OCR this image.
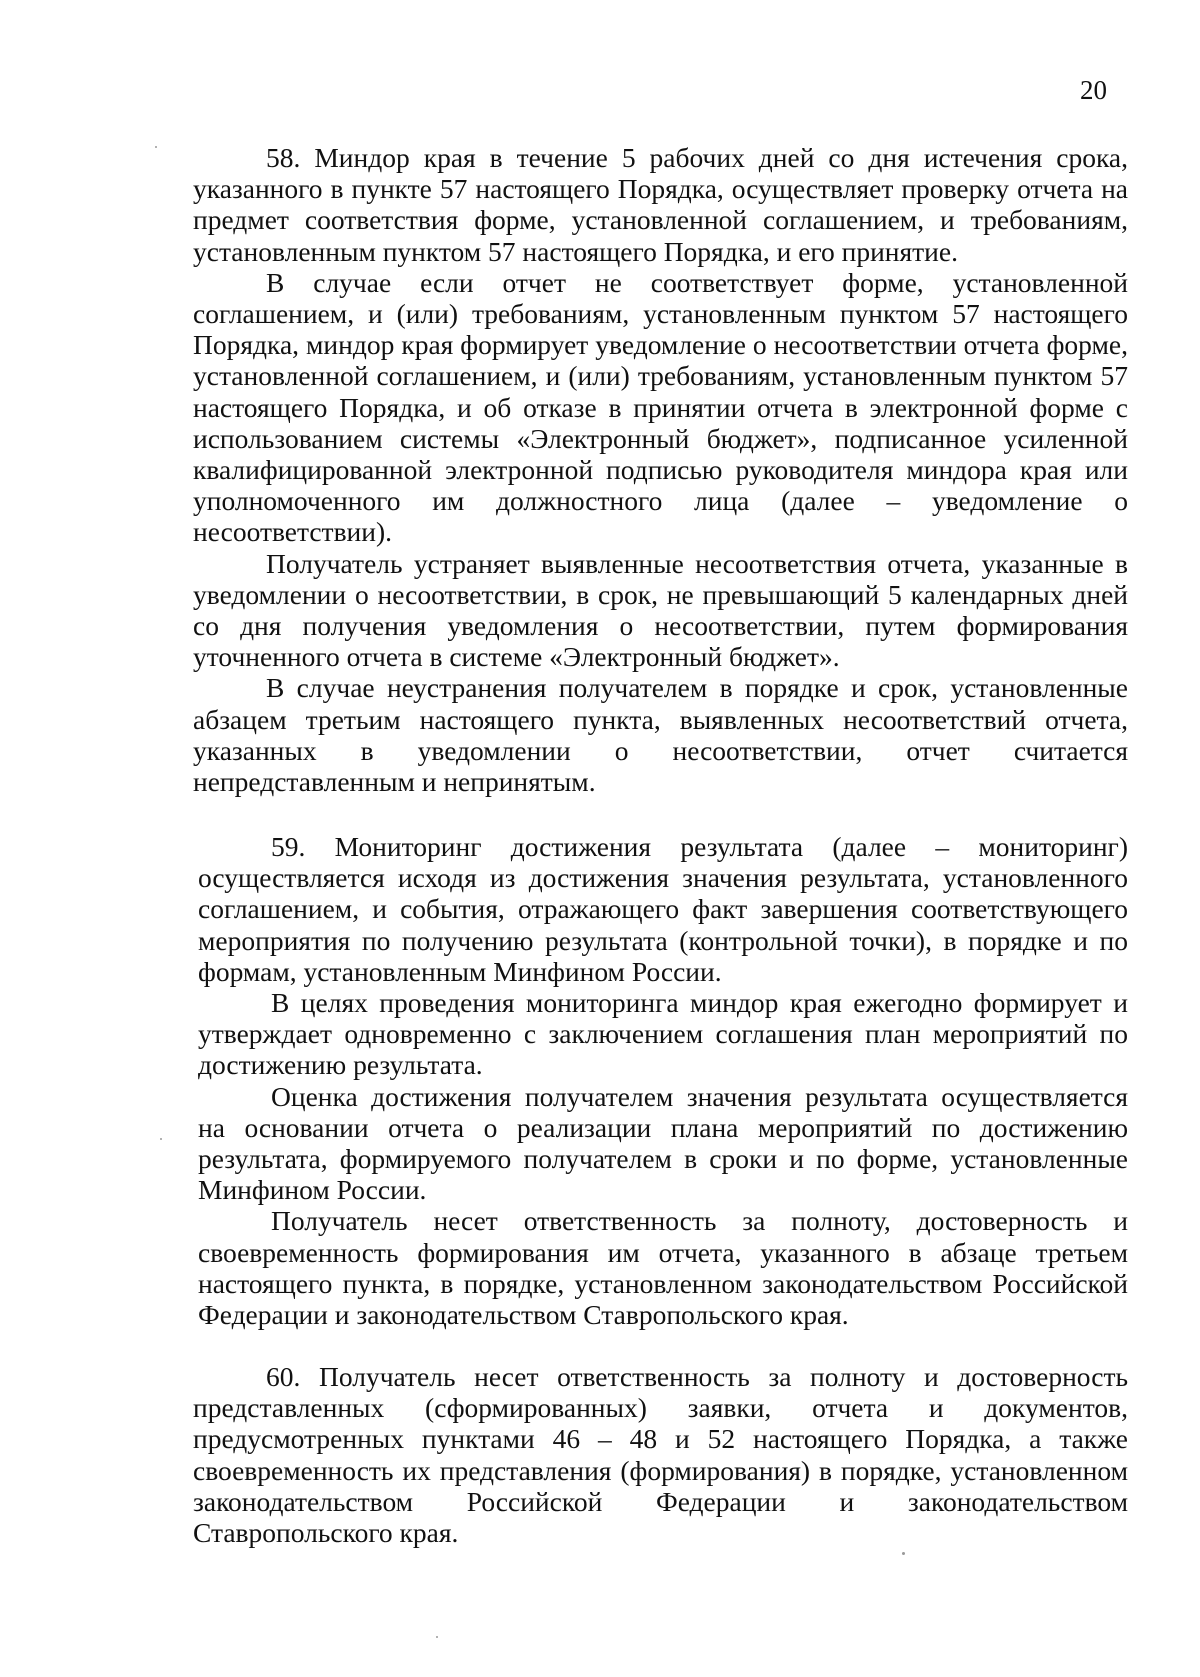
20

58. Миндор края в течение 5 рабочих дней со дня истечения срока, указанного в пункте 57 настоящего Порядка, осуществляет проверку отчета на предмет соответствия форме, установленной соглашением, и требованиям, установленным пунктом 57 настоящего Порядка, и его принятие.

В случае если отчет не соответствует форме, установленной соглашением, и (или) требованиям, установленным пунктом 57 настоящего Порядка, миндор края формирует уведомление о несоответствии отчета форме, установленной соглашением, и (или) требованиям, установленным пунктом 57 настоящего Порядка, и об отказе в принятии отчета в электронной форме с использованием системы «Электронный бюджет», подписанное усиленной квалифицированной электронной подписью руководителя миндора края или уполномоченного им должностного лица (далее – уведомление о несоответствии).

Получатель устраняет выявленные несоответствия отчета, указанные в уведомлении о несоответствии, в срок, не превышающий 5 календарных дней со дня получения уведомления о несоответствии, путем формирования уточненного отчета в системе «Электронный бюджет».

В случае неустранения получателем в порядке и срок, установленные абзацем третьим настоящего пункта, выявленных несоответствий отчета, указанных в уведомлении о несоответствии, отчет считается непредставленным и непринятым.

59. Мониторинг достижения результата (далее – мониторинг) осуществляется исходя из достижения значения результата, установленного соглашением, и события, отражающего факт завершения соответствующего мероприятия по получению результата (контрольной точки), в порядке и по формам, установленным Минфином России.

В целях проведения мониторинга миндор края ежегодно формирует и утверждает одновременно с заключением соглашения план мероприятий по достижению результата.

Оценка достижения получателем значения результата осуществляется на основании отчета о реализации плана мероприятий по достижению результата, формируемого получателем в сроки и по форме, установленные Минфином России.

Получатель несет ответственность за полноту, достоверность и своевременность формирования им отчета, указанного в абзаце третьем настоящего пункта, в порядке, установленном законодательством Российской Федерации и законодательством Ставропольского края.

60. Получатель несет ответственность за полноту и достоверность представленных (сформированных) заявки, отчета и документов, предусмотренных пунктами 46 – 48 и 52 настоящего Порядка, а также своевременность их представления (формирования) в порядке, установленном законодательством Российской Федерации и законодательством Ставропольского края.
